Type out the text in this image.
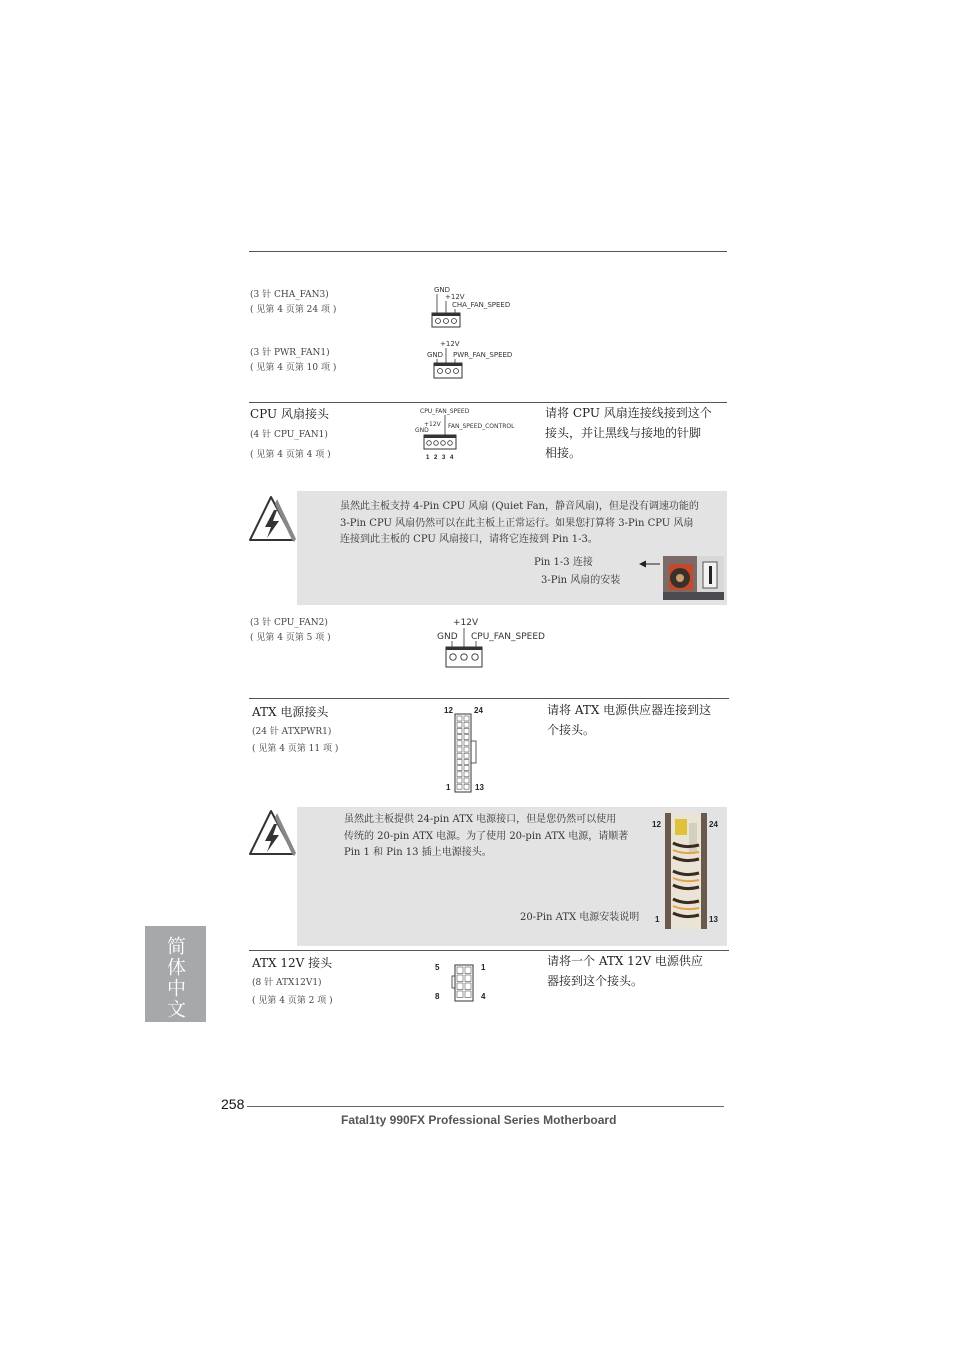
(3 针 CHA_FAN3)
( 见第 4 页第 24 项 )
GND
+12V
CHA_FAN_SPEED
(3 针 PWR_FAN1)
( 见第 4 页第 10 项 )
+12V
GND PWR_FAN_SPEED
CPU 风扇接头
(4 针 CPU_FAN1)
( 见第 4 页第 4 项 )
CPU_FAN_SPEED
+12V
GND
FAN_SPEED_CONTROL
1 2 3 4
请将 CPU 风扇连接线接到这个
接头，并让黑线与接地的针脚
相接。
虽然此主板支持 4-Pin CPU 风扇 (Quiet Fan，静音风扇)，但是没有调速功能的
3-Pin CPU 风扇仍然可以在此主板上正常运行。如果您打算将 3-Pin CPU 风扇
连接到此主板的 CPU 风扇接口，请将它连接到 Pin 1-3。
Pin 1-3 连接
3-Pin 风扇的安装
(3 针 CPU_FAN2)
( 见第 4 页第 5 项 )
+12V
GND CPU_FAN_SPEED
ATX 电源接头
(24 针 ATXPWR1)
( 见第 4 页第 11 项 )
12	24
1	13
请将 ATX 电源供应器连接到这
个接头。
虽然此主板提供 24-pin ATX 电源接口，但是您仍然可以使用
传统的 20-pin ATX 电源。为了使用 20-pin ATX 电源，请顺著
Pin 1 和 Pin 13 插上电源接头。
20-Pin ATX 电源安装说明
12	24
1	13
ATX 12V 接头
(8 针 ATX12V1)
( 见第 4 页第 2 项 )
5	1
8	4
请将一个 ATX 12V 电源供应
器接到这个接头。
简体中文
258
Fatal1ty 990FX Professional Series Motherboard
